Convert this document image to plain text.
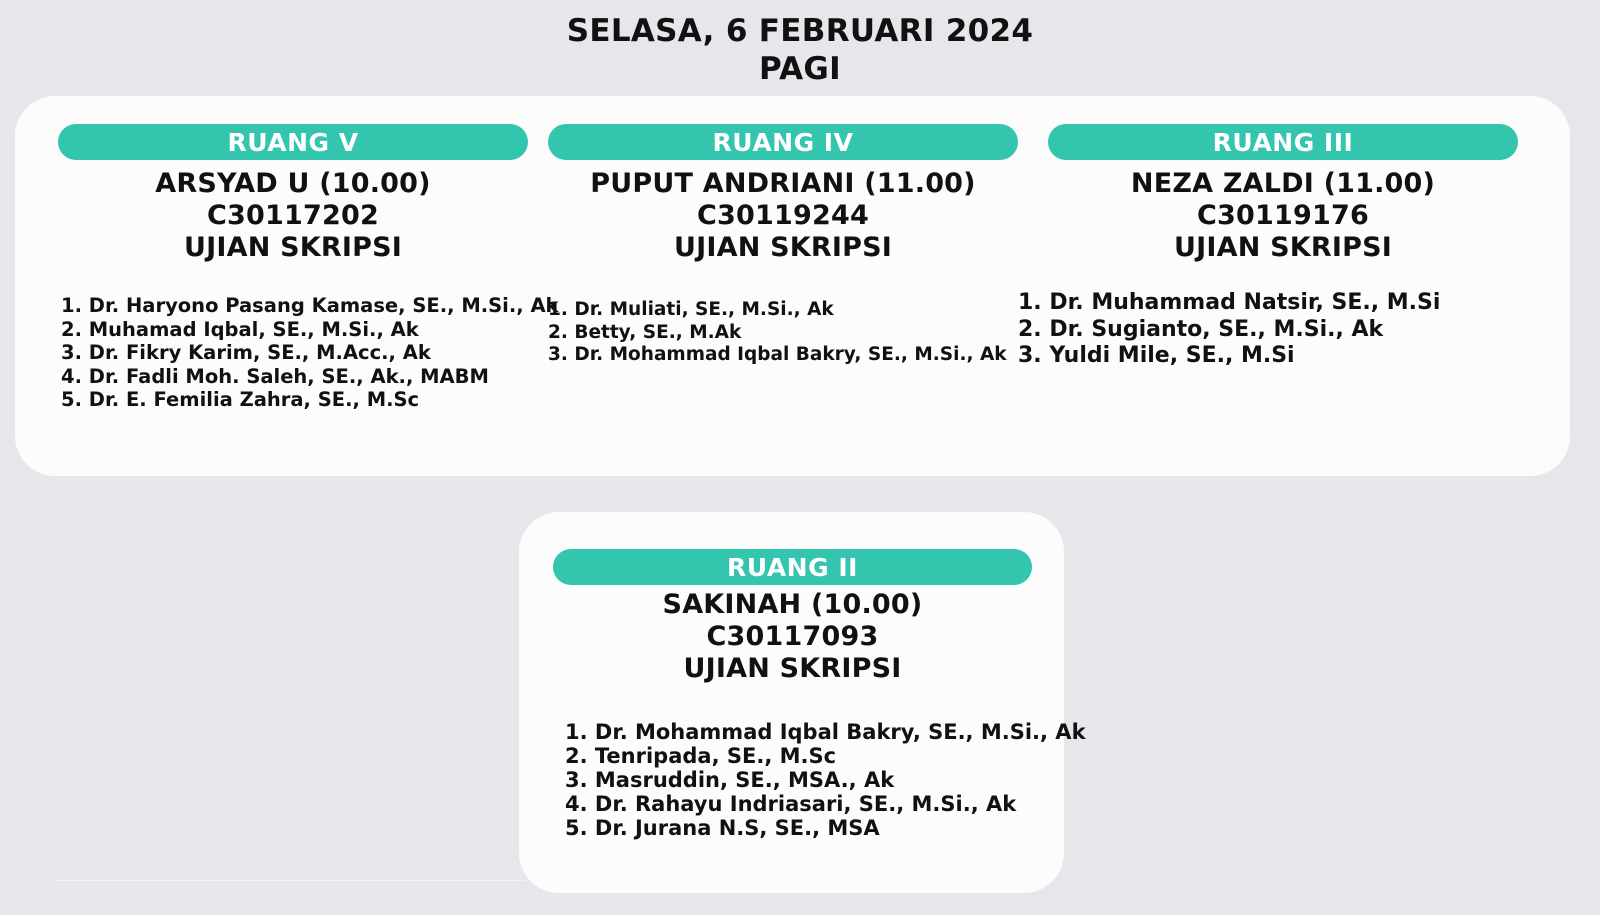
SELASA, 6 FEBRUARI 2024
PAGI
RUANG V
ARSYAD U (10.00)
C30117202
UJIAN SKRIPSI
1. Dr. Haryono Pasang Kamase, SE., M.Si., Ak
2. Muhamad Iqbal, SE., M.Si., Ak
3. Dr. Fikry Karim, SE., M.Acc., Ak
4. Dr. Fadli Moh. Saleh, SE., Ak., MABM
5. Dr. E. Femilia Zahra, SE., M.Sc
RUANG IV
PUPUT ANDRIANI (11.00)
C30119244
UJIAN SKRIPSI
1. Dr. Muliati, SE., M.Si., Ak
2. Betty, SE., M.Ak
3. Dr. Mohammad Iqbal Bakry, SE., M.Si., Ak
RUANG III
NEZA ZALDI (11.00)
C30119176
UJIAN SKRIPSI
1. Dr. Muhammad Natsir, SE., M.Si
2. Dr. Sugianto, SE., M.Si., Ak
3. Yuldi Mile, SE., M.Si
RUANG II
SAKINAH (10.00)
C30117093
UJIAN SKRIPSI
1. Dr. Mohammad Iqbal Bakry, SE., M.Si., Ak
2. Tenripada, SE., M.Sc
3. Masruddin, SE., MSA., Ak
4. Dr. Rahayu Indriasari, SE., M.Si., Ak
5. Dr. Jurana N.S, SE., MSA
